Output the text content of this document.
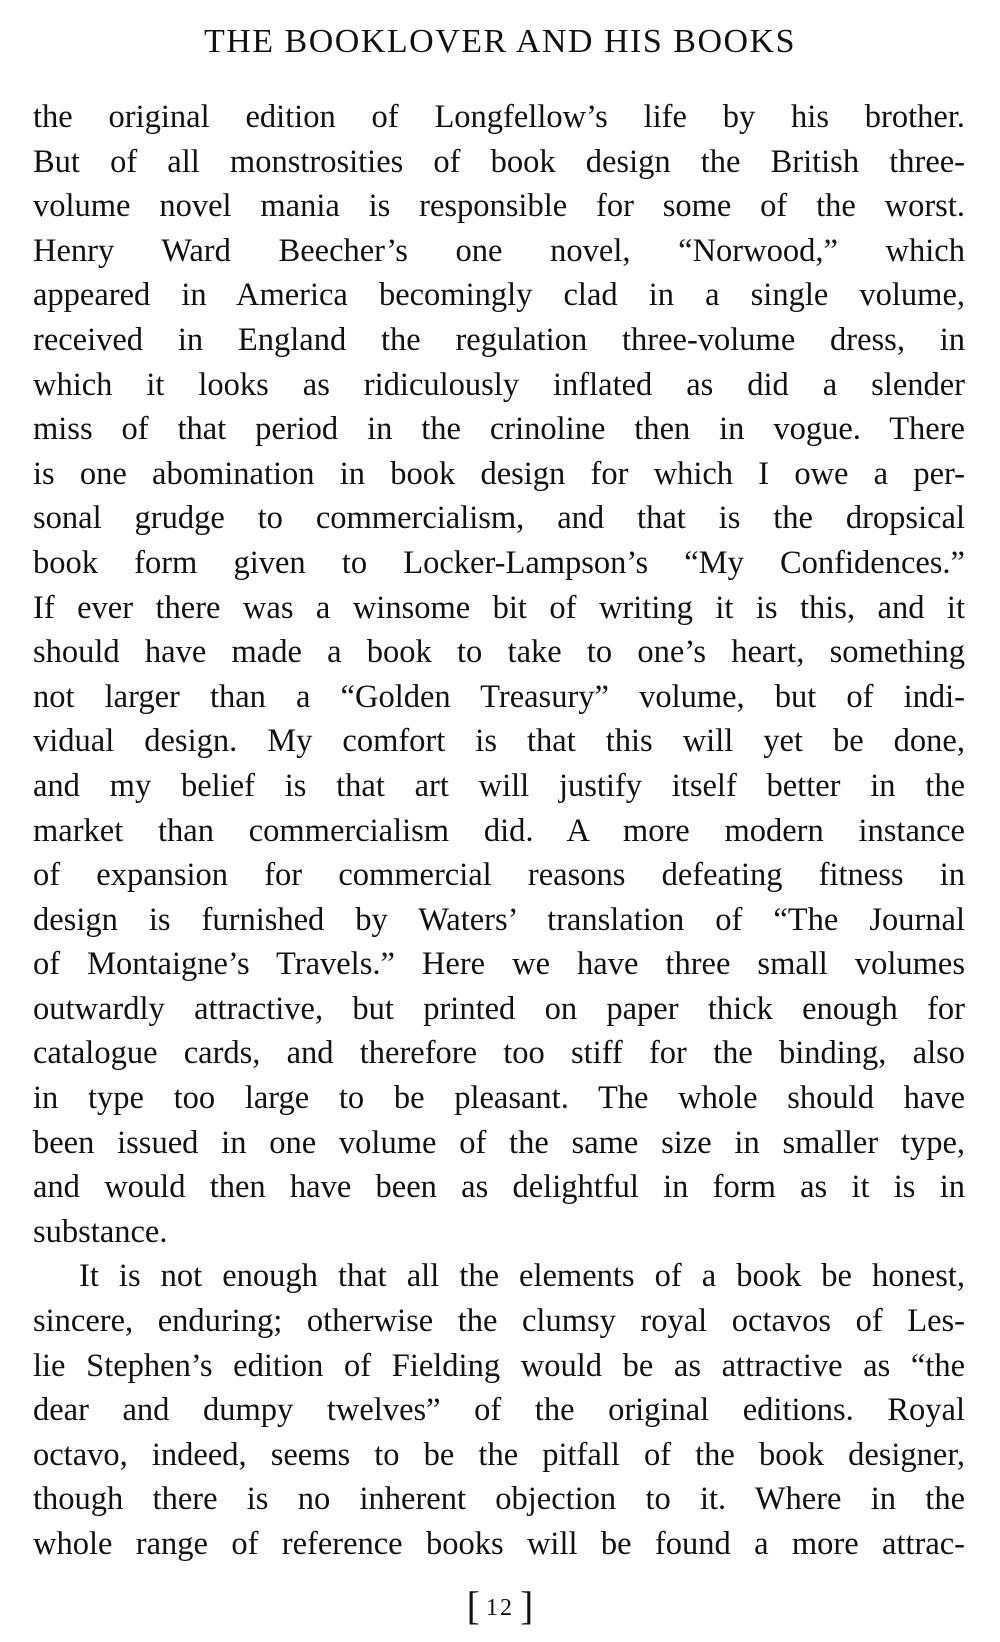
THE BOOKLOVER AND HIS BOOKS
the original edition of Longfellow’s life by his brother.
But of all monstrosities of book design the British three-
volume novel mania is responsible for some of the worst.
Henry Ward Beecher’s one novel, “Norwood,” which
appeared in America becomingly clad in a single volume,
received in England the regulation three-volume dress, in
which it looks as ridiculously inflated as did a slender
miss of that period in the crinoline then in vogue. There
is one abomination in book design for which I owe a per-
sonal grudge to commercialism, and that is the dropsical
book form given to Locker-Lampson’s “My Confidences.”
If ever there was a winsome bit of writing it is this, and it
should have made a book to take to one’s heart, something
not larger than a “Golden Treasury” volume, but of indi-
vidual design. My comfort is that this will yet be done,
and my belief is that art will justify itself better in the
market than commercialism did. A more modern instance
of expansion for commercial reasons defeating fitness in
design is furnished by Waters’ translation of “The Journal
of Montaigne’s Travels.” Here we have three small volumes
outwardly attractive, but printed on paper thick enough for
catalogue cards, and therefore too stiff for the binding, also
in type too large to be pleasant. The whole should have
been issued in one volume of the same size in smaller type,
and would then have been as delightful in form as it is in
substance.
It is not enough that all the elements of a book be honest,
sincere, enduring; otherwise the clumsy royal octavos of Les-
lie Stephen’s edition of Fielding would be as attractive as “the
dear and dumpy twelves” of the original editions. Royal
octavo, indeed, seems to be the pitfall of the book designer,
though there is no inherent objection to it. Where in the
whole range of reference books will be found a more attrac-
[ 12 ]
